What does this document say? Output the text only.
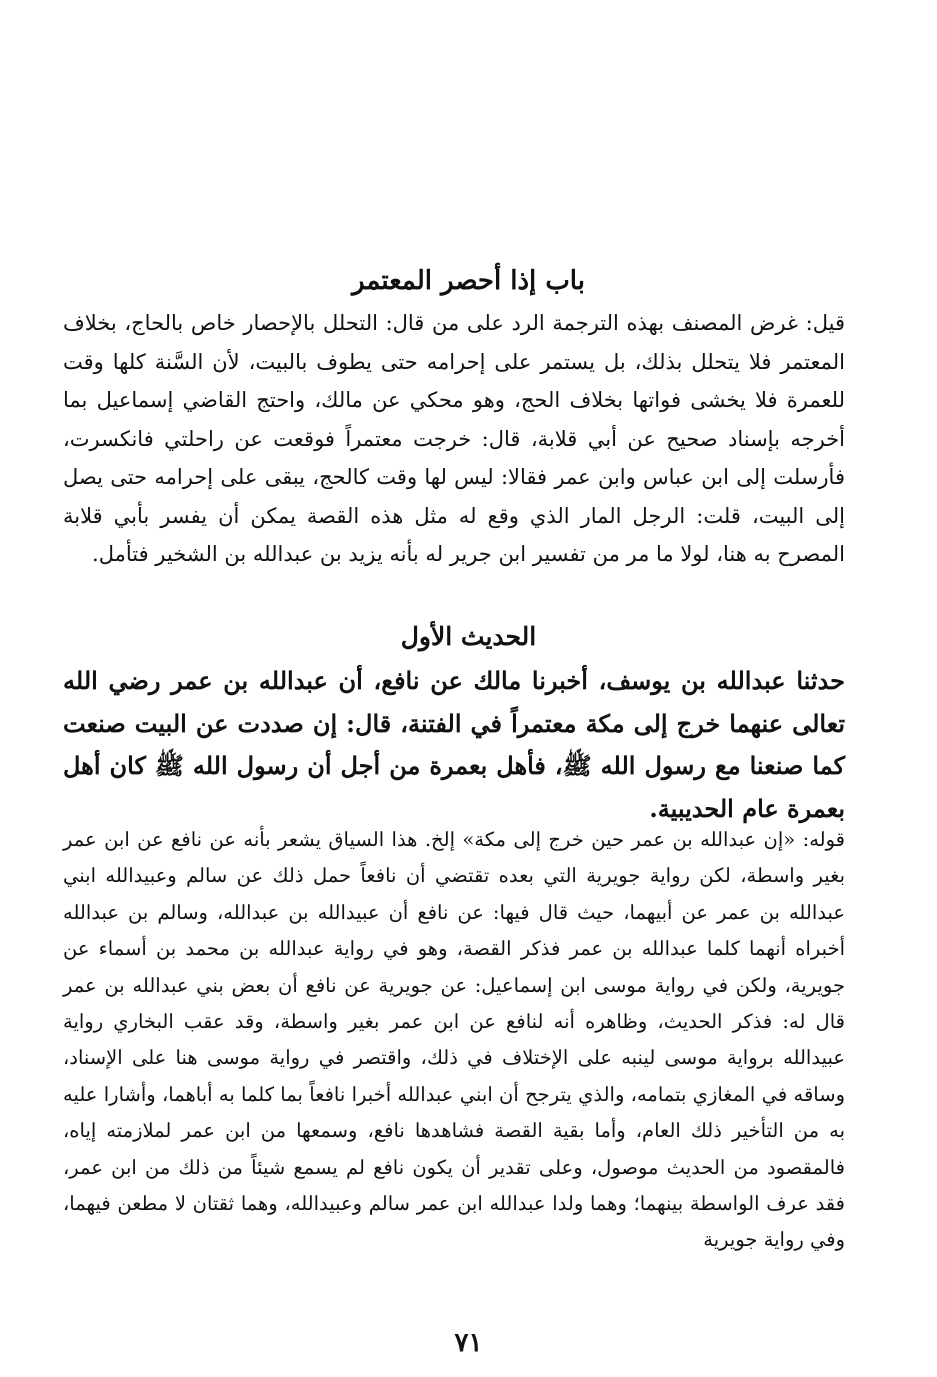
باب إذا أحصر المعتمر

قيل: غرض المصنف بهذه الترجمة الرد على من قال: التحلل بالإحصار خاص بالحاج، بخلاف المعتمر فلا يتحلل بذلك، بل يستمر على إحرامه حتى يطوف بالبيت، لأن السَّنة كلها وقت للعمرة فلا يخشى فواتها بخلاف الحج، وهو محكي عن مالك، واحتج القاضي إسماعيل بما أخرجه بإسناد صحيح عن أبي قلابة، قال: خرجت معتمراً فوقعت عن راحلتي فانكسرت، فأرسلت إلى ابن عباس وابن عمر فقالا: ليس لها وقت كالحج، يبقى على إحرامه حتى يصل إلى البيت، قلت: الرجل المار الذي وقع له مثل هذه القصة يمكن أن يفسر بأبي قلابة المصرح به هنا، لولا ما مر من تفسير ابن جرير له بأنه يزيد بن عبدالله بن الشخير فتأمل.

الحديث الأول

حدثنا عبدالله بن يوسف، أخبرنا مالك عن نافع، أن عبدالله بن عمر رضي الله تعالى عنهما خرج إلى مكة معتمراً في الفتنة، قال: إن صددت عن البيت صنعت كما صنعنا مع رسول الله ﷺ، فأهل بعمرة من أجل أن رسول الله ﷺ كان أهل بعمرة عام الحديبية.

قوله: «إن عبدالله بن عمر حين خرج إلى مكة» إلخ. هذا السياق يشعر بأنه عن نافع عن ابن عمر بغير واسطة، لكن رواية جويرية التي بعده تقتضي أن نافعاً حمل ذلك عن سالم وعبيدالله ابني عبدالله بن عمر عن أبيهما، حيث قال فيها: عن نافع أن عبيدالله بن عبدالله، وسالم بن عبدالله أخبراه أنهما كلما عبدالله بن عمر فذكر القصة، وهو في رواية عبدالله بن محمد بن أسماء عن جويرية، ولكن في رواية موسى ابن إسماعيل: عن جويرية عن نافع أن بعض بني عبدالله بن عمر قال له: فذكر الحديث، وظاهره أنه لنافع عن ابن عمر بغير واسطة، وقد عقب البخاري رواية عبيدالله برواية موسى لينبه على الإختلاف في ذلك، واقتصر في رواية موسى هنا على الإسناد، وساقه في المغازي بتمامه، والذي يترجح أن ابني عبدالله أخبرا نافعاً بما كلما به أباهما، وأشارا عليه به من التأخير ذلك العام، وأما بقية القصة فشاهدها نافع، وسمعها من ابن عمر لملازمته إياه، فالمقصود من الحديث موصول، وعلى تقدير أن يكون نافع لم يسمع شيئاً من ذلك من ابن عمر، فقد عرف الواسطة بينهما؛ وهما ولدا عبدالله ابن عمر سالم وعبيدالله، وهما ثقتان لا مطعن فيهما، وفي رواية جويرية

٧١
